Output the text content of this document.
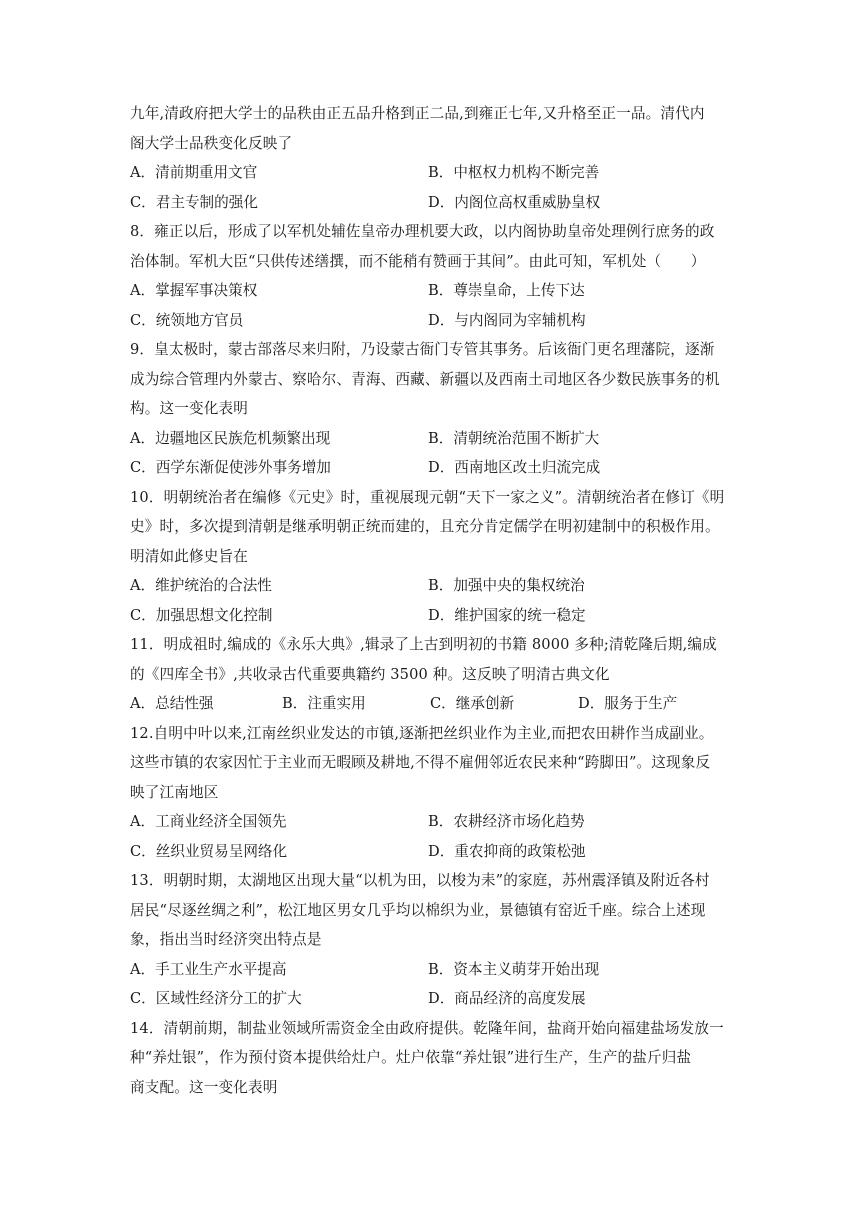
九年,清政府把大学士的品秩由正五品升格到正二品,到雍正七年,又升格至正一品。清代内
阁大学士品秩变化反映了
A．清前期重用文官	B．中枢权力机构不断完善
C．君主专制的强化	D．内阁位高权重威胁皇权
8．雍正以后，形成了以军机处辅佐皇帝办理机要大政，以内阁协助皇帝处理例行庶务的政
治体制。军机大臣“只供传述缮撰，而不能稍有赞画于其间”。由此可知，军机处（　　）
A．掌握军事决策权	B．尊崇皇命，上传下达
C．统领地方官员	D．与内阁同为宰辅机构
9．皇太极时，蒙古部落尽来归附，乃设蒙古衙门专管其事务。后该衙门更名理藩院，逐渐
成为综合管理内外蒙古、察哈尔、青海、西藏、新疆以及西南土司地区各少数民族事务的机
构。这一变化表明
A．边疆地区民族危机频繁出现	B．清朝统治范围不断扩大
C．西学东渐促使涉外事务增加	D．西南地区改土归流完成
10．明朝统治者在编修《元史》时，重视展现元朝“天下一家之义”。清朝统治者在修订《明
史》时，多次提到清朝是继承明朝正统而建的，且充分肯定儒学在明初建制中的积极作用。
明清如此修史旨在
A．维护统治的合法性	B．加强中央的集权统治
C．加强思想文化控制	D．维护国家的统一稳定
11．明成祖时,编成的《永乐大典》,辑录了上古到明初的书籍 8000 多种;清乾隆后期,编成
的《四库全书》,共收录古代重要典籍约 3500 种。这反映了明清古典文化
A．总结性强	B．注重实用	C．继承创新	D．服务于生产
12.自明中叶以来,江南丝织业发达的市镇,逐渐把丝织业作为主业,而把农田耕作当成副业。
这些市镇的农家因忙于主业而无暇顾及耕地,不得不雇佣邻近农民来种“跨脚田”。这现象反
映了江南地区
A．工商业经济全国领先	B．农耕经济市场化趋势
C．丝织业贸易呈网络化	D．重农抑商的政策松弛
13．明朝时期，太湖地区出现大量“以机为田，以梭为耒”的家庭，苏州震泽镇及附近各村
居民“尽逐丝绸之利”，松江地区男女几乎均以棉织为业，景德镇有窑近千座。综合上述现
象，指出当时经济突出特点是
A．手工业生产水平提高	B．资本主义萌芽开始出现
C．区域性经济分工的扩大	D．商品经济的高度发展
14．清朝前期，制盐业领域所需资金全由政府提供。乾隆年间，盐商开始向福建盐场发放一
种“养灶银”，作为预付资本提供给灶户。灶户依靠“养灶银”进行生产，生产的盐斤归盐
商支配。这一变化表明
